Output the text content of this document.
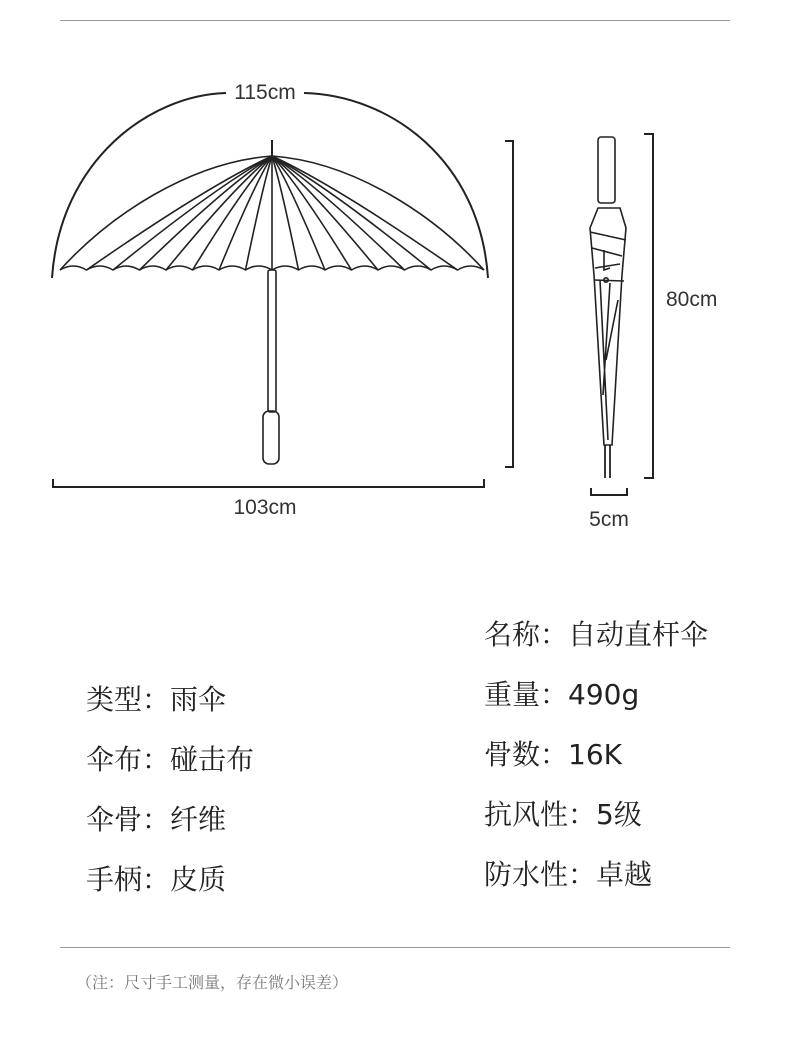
115cm
103cm
80cm
5cm
类型：雨伞
伞布：碰击布
伞骨：纤维
手柄：皮质
名称：自动直杆伞
重量：490g
骨数：16K
抗风性：5级
防水性：卓越
（注：尺寸手工测量，存在微小误差）
